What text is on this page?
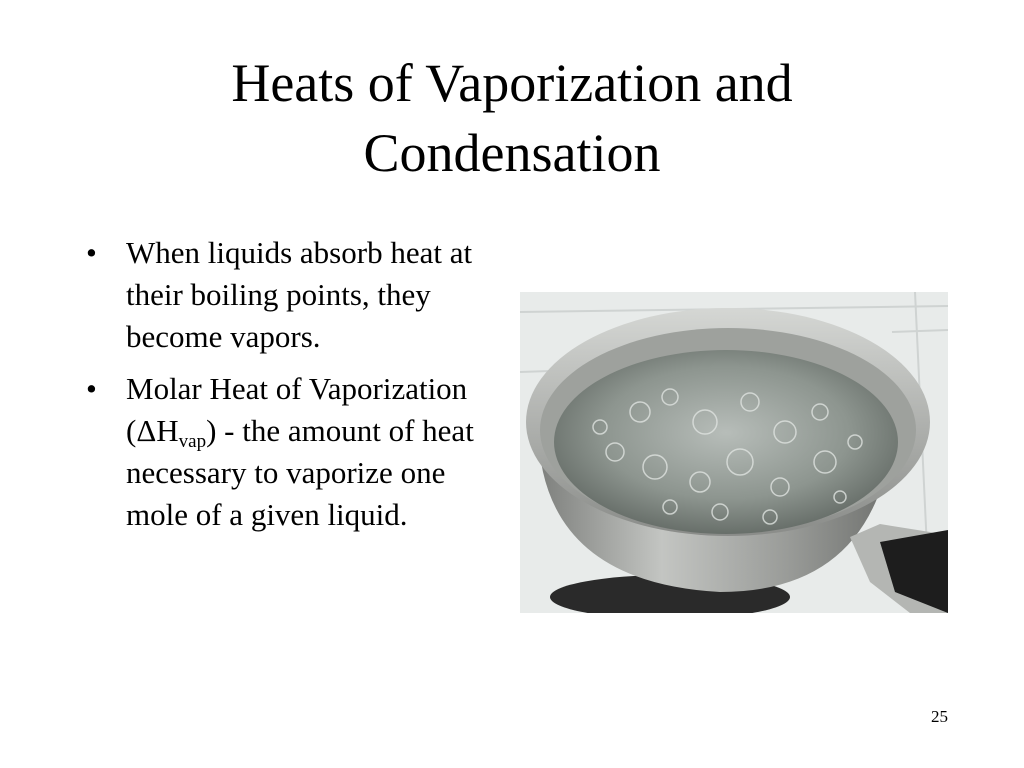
Heats of Vaporization and
Condensation
• When liquids absorb heat at their boiling points, they become vapors.
• Molar Heat of Vaporization $(\Delta H_{vap})$ - the amount of heat necessary to vaporize one mole of a given liquid.
25
